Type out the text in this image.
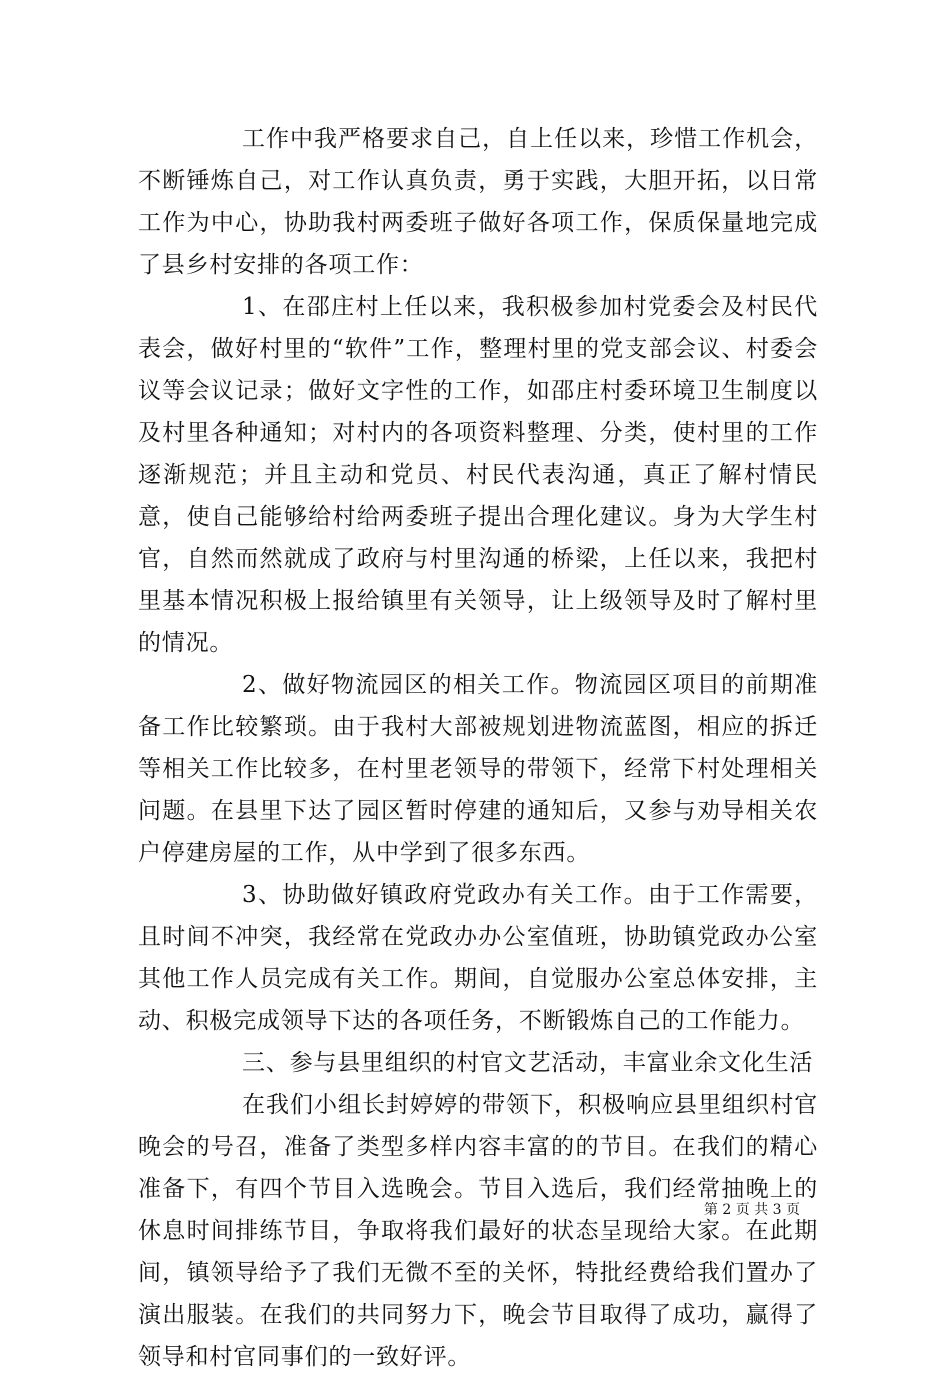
工作中我严格要求自己，自上任以来，珍惜工作机会，不断锤炼自己，对工作认真负责，勇于实践，大胆开拓，以日常工作为中心，协助我村两委班子做好各项工作，保质保量地完成了县乡村安排的各项工作：

1、在邵庄村上任以来，我积极参加村党委会及村民代表会，做好村里的“软件”工作，整理村里的党支部会议、村委会议等会议记录；做好文字性的工作，如邵庄村委环境卫生制度以及村里各种通知；对村内的各项资料整理、分类，使村里的工作逐渐规范；并且主动和党员、村民代表沟通，真正了解村情民意，使自己能够给村给两委班子提出合理化建议。身为大学生村官，自然而然就成了政府与村里沟通的桥梁，上任以来，我把村里基本情况积极上报给镇里有关领导，让上级领导及时了解村里的情况。

2、做好物流园区的相关工作。物流园区项目的前期准备工作比较繁琐。由于我村大部被规划进物流蓝图，相应的拆迁等相关工作比较多，在村里老领导的带领下，经常下村处理相关问题。在县里下达了园区暂时停建的通知后，又参与劝导相关农户停建房屋的工作，从中学到了很多东西。

3、协助做好镇政府党政办有关工作。由于工作需要，且时间不冲突，我经常在党政办办公室值班，协助镇党政办公室其他工作人员完成有关工作。期间，自觉服办公室总体安排，主动、积极完成领导下达的各项任务，不断锻炼自己的工作能力。

三、参与县里组织的村官文艺活动，丰富业余文化生活

在我们小组长封婷婷的带领下，积极响应县里组织村官晚会的号召，准备了类型多样内容丰富的的节目。在我们的精心准备下，有四个节目入选晚会。节目入选后，我们经常抽晚上的休息时间排练节目，争取将我们最好的状态呈现给大家。在此期间，镇领导给予了我们无微不至的关怀，特批经费给我们置办了演出服装。在我们的共同努力下，晚会节目取得了成功，赢得了领导和村官同事们的一致好评。

第 2 页 共 3 页
